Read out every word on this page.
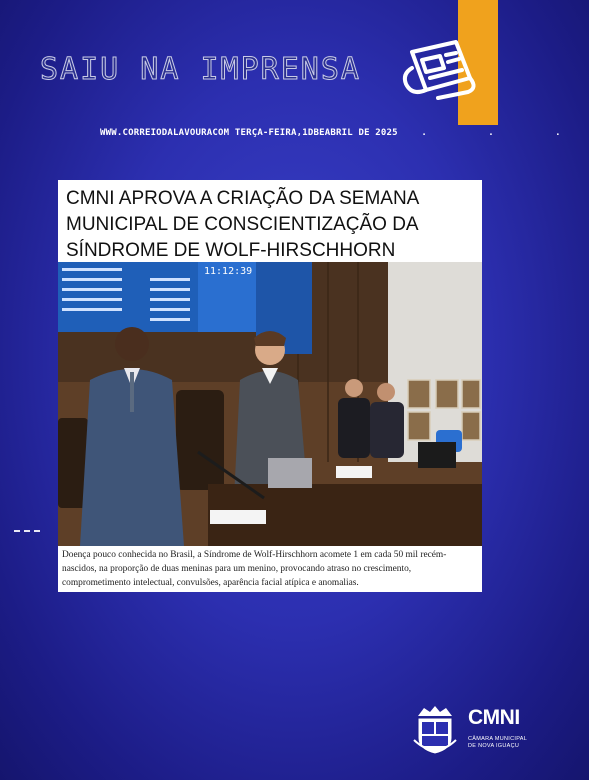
SAIU NA IMPRENSA
WWW.CORREIODALAVOURACOM TERÇA-FEIRA,1DBEABRIL DE 2025	. . .
CMNI APROVA A CRIAÇÃO DA SEMANA MUNICIPAL DE CONSCIENTIZAÇÃO DA SÍNDROME DE WOLF-HIRSCHHORN
11:12:39
Doença pouco conhecida no Brasil, a Síndrome de Wolf-Hirschhorn acomete 1 em cada 50 mil recém-nascidos, na proporção de duas meninas para um menino, provocando atraso no crescimento, comprometimento intelectual, convulsões, aparência facial atípica e anomalias.
CMNI
CÂMARA MUNICIPAL
DE NOVA IGUAÇU
